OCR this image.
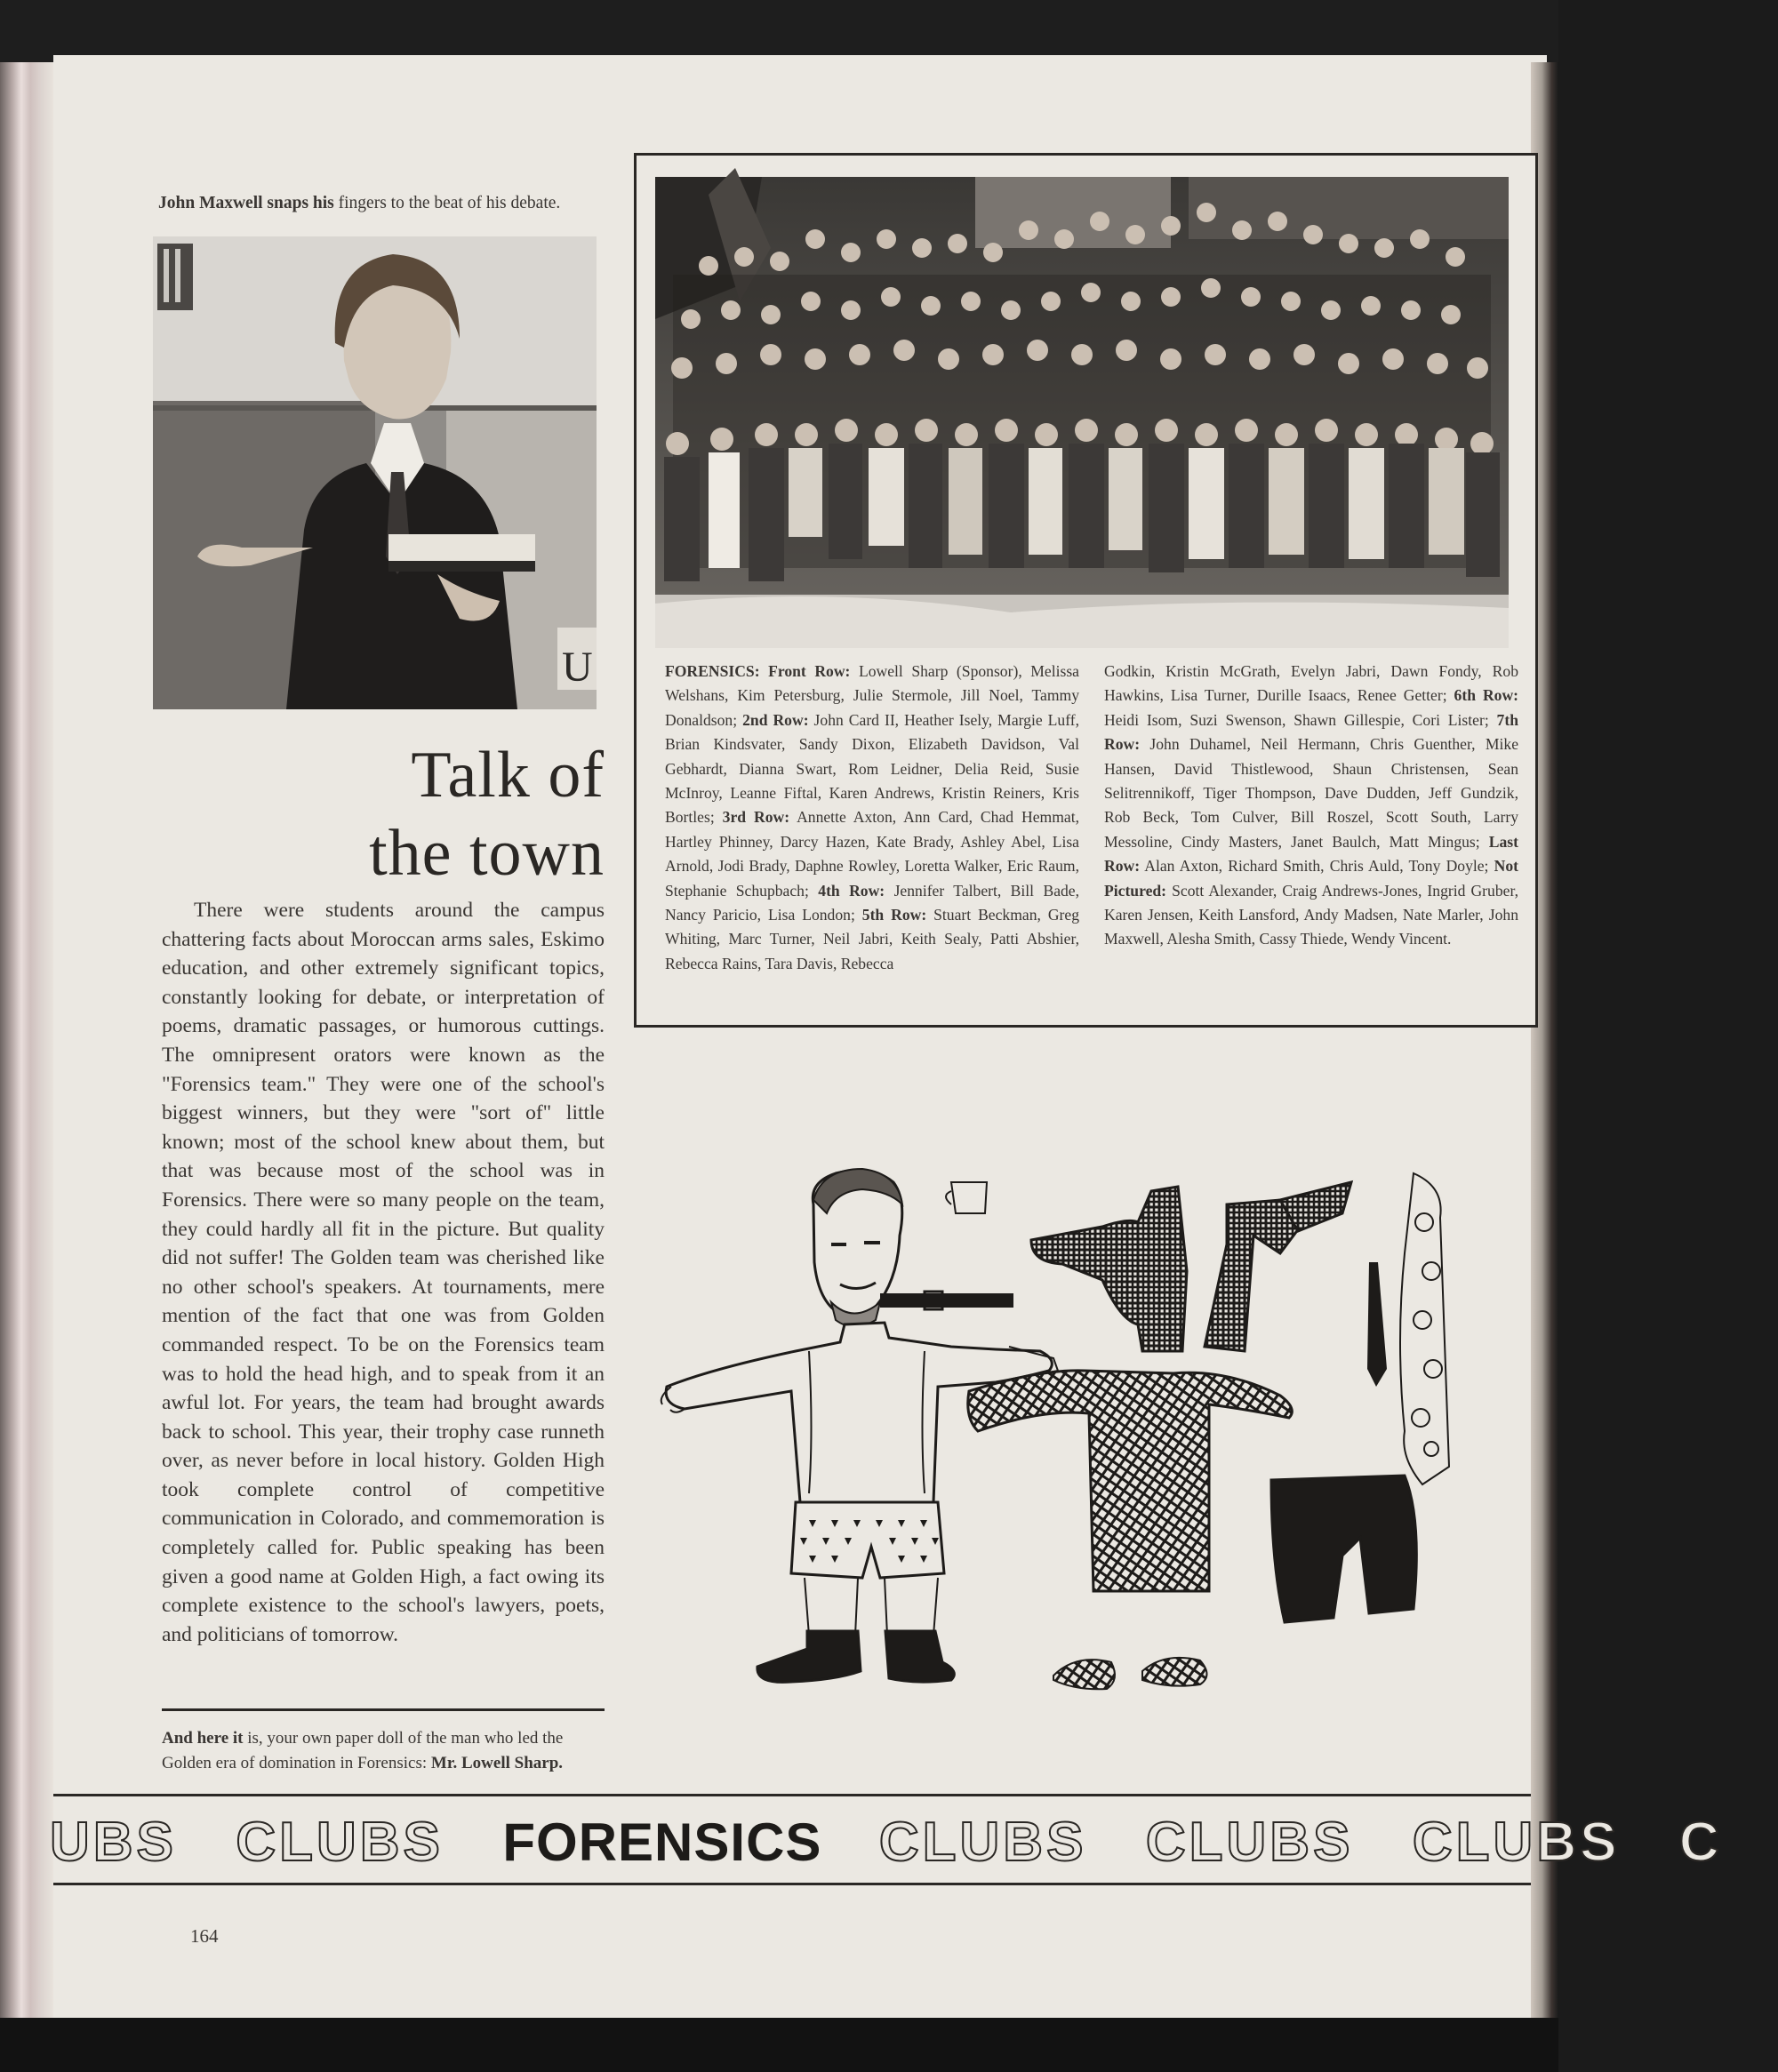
John Maxwell snaps his fingers to the beat of his debate.
U
Talk of
the town
There were students around the campus chattering facts about Moroccan arms sales, Eskimo education, and other extremely significant topics, constantly looking for debate, or interpretation of poems, dramatic passages, or humorous cuttings. The omnipresent orators were known as the "Forensics team." They were one of the school's biggest winners, but they were "sort of" little known; most of the school knew about them, but that was because most of the school was in Forensics. There were so many people on the team, they could hardly all fit in the picture. But quality did not suffer! The Golden team was cherished like no other school's speakers. At tournaments, mere mention of the fact that one was from Golden commanded respect. To be on the Forensics team was to hold the head high, and to speak from it an awful lot. For years, the team had brought awards back to school. This year, their trophy case runneth over, as never before in local history. Golden High took complete control of competitive communication in Colorado, and commemoration is completely called for. Public speaking has been given a good name at Golden High, a fact owing its complete existence to the school's lawyers, poets, and politicians of tomorrow.
And here it is, your own paper doll of the man who led the Golden era of domination in Forensics: Mr. Lowell Sharp.
FORENSICS: Front Row: Lowell Sharp (Sponsor), Melissa Welshans, Kim Petersburg, Julie Stermole, Jill Noel, Tammy Donaldson; 2nd Row: John Card II, Heather Isely, Margie Luff, Brian Kindsvater, Sandy Dixon, Elizabeth Davidson, Val Gebhardt, Dianna Swart, Rom Leidner, Delia Reid, Susie McInroy, Leanne Fiftal, Karen Andrews, Kristin Reiners, Kris Bortles; 3rd Row: Annette Axton, Ann Card, Chad Hemmat, Hartley Phinney, Darcy Hazen, Kate Brady, Ashley Abel, Lisa Arnold, Jodi Brady, Daphne Rowley, Loretta Walker, Eric Raum, Stephanie Schupbach; 4th Row: Jennifer Talbert, Bill Bade, Nancy Paricio, Lisa London; 5th Row: Stuart Beckman, Greg Whiting, Marc Turner, Neil Jabri, Keith Sealy, Patti Abshier, Rebecca Rains, Tara Davis, Rebecca
Godkin, Kristin McGrath, Evelyn Jabri, Dawn Fondy, Rob Hawkins, Lisa Turner, Durille Isaacs, Renee Getter; 6th Row: Heidi Isom, Suzi Swenson, Shawn Gillespie, Cori Lister; 7th Row: John Duhamel, Neil Hermann, Chris Guenther, Mike Hansen, David Thistlewood, Shaun Christensen, Sean Selitrennikoff, Tiger Thompson, Dave Dudden, Jeff Gundzik, Rob Beck, Tom Culver, Bill Roszel, Scott South, Larry Messoline, Cindy Masters, Janet Baulch, Matt Mingus; Last Row: Alan Axton, Richard Smith, Chris Auld, Tony Doyle; Not Pictured: Scott Alexander, Craig Andrews-Jones, Ingrid Gruber, Karen Jensen, Keith Lansford, Andy Madsen, Nate Marler, John Maxwell, Alesha Smith, Cassy Thiede, Wendy Vincent.
UBS CLUBS FORENSICS CLUBS CLUBS CLUBS C
164
